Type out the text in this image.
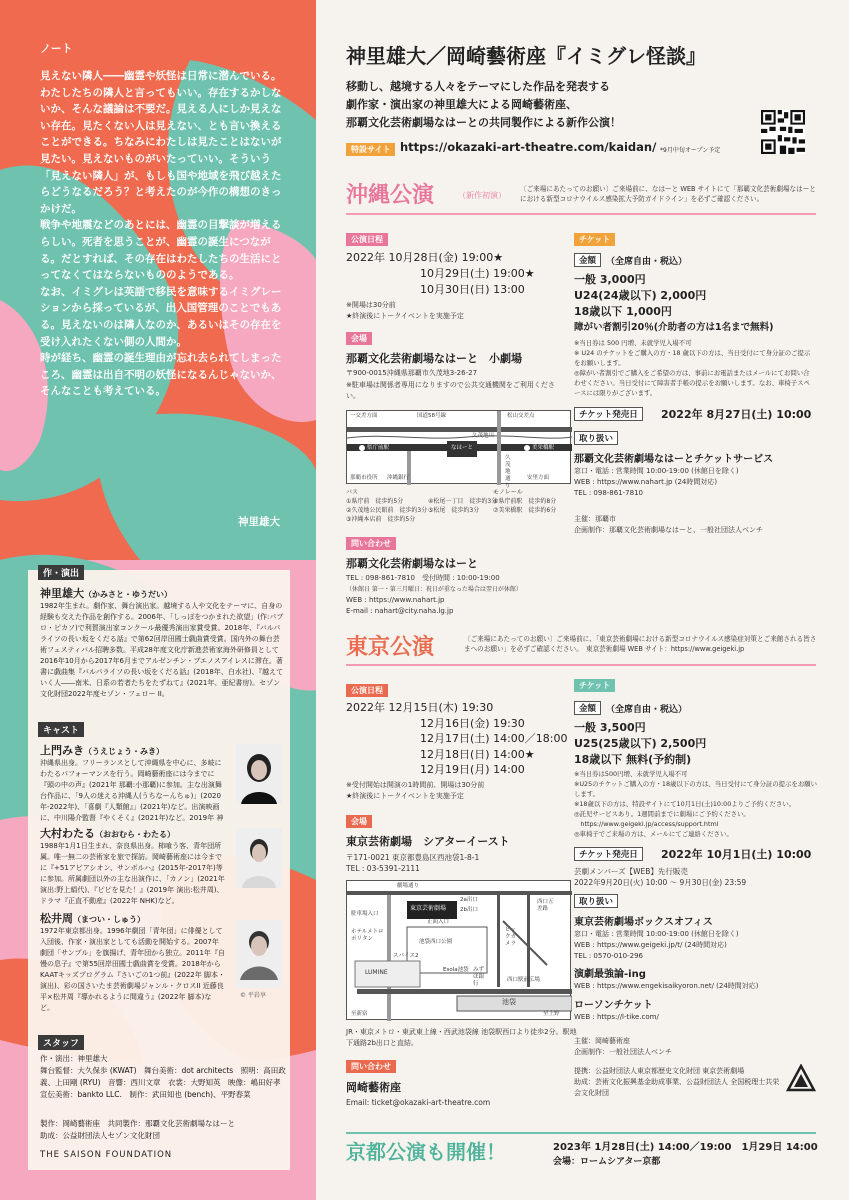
ノート

見えない隣人――幽霊や妖怪は日常に潜んでいる。わたしたちの隣人と言ってもいい。存在するかしないか、そんな議論は不要だ。見える人にしか見えない存在。見たくない人は見えない、とも言い換えることができる。ちなみにわたしは見たことはないが見たい。見えないものがいたっていい。そういう「見えない隣人」が、もしも国や地域を飛び越えたらどうなるだろう？と考えたのが今作の構想のきっかけだ。

戦争や地震などのあとには、幽霊の目撃談が増えるらしい。死者を思うことが、幽霊の誕生につながる。だとすれば、その存在はわたしたちの生活にとってなくてはならないもののようである。

なお、イミグレは英語で移民を意味するイミグレーションから採っているが、出入国管理のことでもある。見えないのは隣人なのか、あるいはその存在を受け入れたくない側の人間か。

時が経ち、幽霊の誕生理由が忘れ去られてしまったころ、幽霊は出自不明の妖怪になるんじゃないか、そんなことも考えている。

神里雄大
作・演出
神里雄大（かみさと・ゆうだい）
1982年生まれ。劇作家、舞台演出家。越境する人や文化をテーマに、自身の経験も交えた作品を創作する。2006年、「しっぽをつかまれた欲望」(作:パブロ・ピカソ)で利賀演出家コンクール最優秀演出家賞受賞。2018年、『バルパライソの長い坂をくだる話』で第62回岸田國士戯曲賞受賞。国内外の舞台芸術フェスティバル招聘多数。平成28年度文化庁新進芸術家海外研修員として2016年10月から2017年6月までアルゼンチン・ブエノスアイレスに滞在。著書に戯曲集『バルパライソの長い坂をくだる話』(2018年、白水社)、『越えていく人――南米、日系の若者たちをたずねて』(2021年、亜紀書房)。セゾン文化財団2022年度セゾン・フェロー II。
キャスト
上門みき（うえじょう・みき）
沖縄県出身。フリーランスとして沖縄県を中心に、多岐にわたるパフォーマンスを行う。岡崎藝術座には今までに『頭の中の声』(2021年 那覇:小那覇)に参加。主な出演舞台作品に、「9人の迷える沖縄人(うちなーんちゅ)」(2020年-2022年)、「喜劇『人類館』」(2021年)など。出演映画に、中川陽介監督『やくそく』(2021年)など。2019年 神
大村わたる（おおむら・わたる）
1988年1月1日生まれ、奈良県出身。柿喰う客、青年団所属。唯一無二の芸術家を旅で探訪。岡崎藝術座には今までに『+51アビアシオン、サンボルハ』(2015年-2017年)等に参加。所属劇団以外の主な出演作に、「カノン」(2021年 演出:野上絹代)、『ピピを見た！』(2019年 演出:松井周)、ドラマ『正直不動産』(2022年 NHK)など。
松井周（まつい・しゅう）
1972年東京都出身。1996年劇団「青年団」に俳優として入団後、作家・演出家としても活動を開始する。2007年劇団「サンプル」を旗揚げ、青年団から独立。2011年『自慢の息子』で第55回岸田國士戯曲賞を受賞。2018年からKAATキッズプログラム『さいごの1つ前』(2022年 脚本・演出)、彩の国さいたま芸術劇場ジャンル・クロスII 近藤良平×松井周『導かれるように間違う』(2022年 脚本)など。
© 平岩享
スタッフ
作・演出：神里雄大
舞台監督：大久保歩 (KWAT)　舞台美術：dot architects　照明：高田政義、上田剛 (RYU)　音響：西川文章　衣裳：大野知英　映像：嶋田好孝　宣伝美術：bankto LLC.　制作：武田知也 (bench)、平野春菜
製作：岡崎藝術座　共同製作：那覇文化芸術劇場なはーと
助成：公益財団法人セゾン文化財団
THE SAISON FOUNDATION
神里雄大／岡崎藝術座『イミグレ怪談』
移動し、越境する人々をテーマにした作品を発表する
劇作家・演出家の神里雄大による岡崎藝術座、
那覇文化芸術劇場なはーとの共同製作による新作公演！
特設サイト https://okazaki-art-theatre.com/kaidan/ *9月中旬オープン予定
沖縄公演	（新作初演）
〔ご来場にあたってのお願い〕ご来場前に、なはーと WEB サイトにて「那覇文化芸術劇場なはーとにおける新型コロナウイルス感染拡大予防ガイドライン」を必ずご確認ください。
公演日程
2022年 10月28日(金) 19:00★
10月29日(土) 19:00★
10月30日(日) 13:00
※開場は30分前
★終演後にトークイベントを実施予定
会場
那覇文化芸術劇場なはーと　小劇場
〒900-0015沖縄県那覇市久茂地3-26-27
※駐車場は関係者専用になりますので公共交通機関をご利用ください。
一交差方面	国道58号線	松山交差点
久茂地川
県庁前駅	美栄橋駅
なはーと
那覇市役所 沖縄銀行	安里方面
久茂地通り
バス
①県庁前　徒歩約5分
②久茂地公民館前　徒歩約3分
③沖縄本店前　徒歩約5分
④松尾一丁目　徒歩約3分
⑤松尾　徒歩約3分
モノレール
⑥県庁前駅　徒歩約8分
⑦美栄橋駅　徒歩約6分
問い合わせ
那覇文化芸術劇場なはーと
TEL : 098-861-7810　受付時間 : 10:00-19:00
（休館日 第一・第三月曜日：祝日が重なった場合は翌日が休館）
WEB : https://www.nahart.jp
E-mail : nahart@city.naha.lg.jp
チケット
金額	（全席自由・税込）
一般 3,000円
U24(24歳以下) 2,000円
18歳以下 1,000円
障がい者割引20％(介助者の方は1名まで無料)
※当日券は 500 円増、未就学児入場不可
※ U24 のチケットをご購入の方・18 歳以下の方は、当日受付にて身分証のご提示をお願いします。
◎障がい者割引でご購入をご希望の方は、事前にお電話またはメールにてお問い合わせください。当日受付にて障害者手帳の提示をお願いします。なお、車椅子スペースには限りがございます。
チケット発売日	2022年 8月27日(土) 10:00
取り扱い
那覇文化芸術劇場なはーとチケットサービス
窓口・電話 : 営業時間 10:00-19:00 (休館日を除く)
WEB : https://www.nahart.jp (24時間対応)
TEL : 098-861-7810
主催：那覇市
企画制作：那覇文化芸術劇場なはーと、一般社団法人ベンチ
東京公演	〔ご来場にあたってのお願い〕ご来場前に、「東京芸術劇場における新型コロナウイルス感染症対策とご来館される皆さまへのお願い」を必ずご確認ください。　東京芸術劇場 WEB サイト：https://www.geigeki.jp
公演日程
2022年 12月15日(木) 19:30
12月16日(金) 19:30
12月17日(土) 14:00／18:00
12月18日(日) 14:00★
12月19日(月) 14:00
※受付開始は開演の1時間前、開場は30分前
★終演後にトークイベントを実施予定
会場
東京芸術劇場　シアターイースト
〒171-0021 東京都豊島区西池袋1-8-1
TEL : 03-5391-2111
劇場通り
東京芸術劇場
2a出口
2b出口
西口五差路
正面入口
池袋西口公園
ピックカメラ
ホテルメトロポリタン
西口駅前広場
スパイス2
Esola池袋 みずほ銀行
LUMINE
池袋
至新宿	至上野
駐車場入口
JR・東京メトロ・東武東上線・西武池袋線 池袋駅西口より徒歩2分。駅地下通路2b出口と直結。
問い合わせ
岡崎藝術座
Email: ticket@okazaki-art-theatre.com
チケット
金額	（全席自由・税込）
一般 3,500円
U25(25歳以下) 2,500円
18歳以下 無料(予約制)
※当日券は500円増、未就学児入場不可
※U25のチケットご購入の方・18歳以下の方は、当日受付にて身分証の提示をお願いします。
※18歳以下の方は、特設サイトにて10月1日(土)10:00よりご予約ください。
◎託児サービスあり。1週間前までに劇場にご予約ください。
　https://www.geigeki.jp/access/support.html
◎車椅子でご来場の方は、メールにてご連絡ください。
チケット発売日	2022年 10月1日(土) 10:00
芸劇メンバーズ【WEB】先行販売
2022年9月20日(火) 10:00 〜 9月30日(金) 23:59
取り扱い
東京芸術劇場ボックスオフィス
窓口・電話 : 営業時間 10:00-19:00 (休館日を除く)
WEB : https://www.geigeki.jp/t/ (24時間対応)
TEL : 0570-010-296
演劇最強論-ing
WEB : https://www.engekisaikyoron.net/ (24時間対応)
ローソンチケット
WEB : https://l-tike.com/
主催：岡崎藝術座
企画制作：一般社団法人ベンチ
提携：公益財団法人東京都歴史文化財団 東京芸術劇場
助成：芸術文化振興基金助成事業、公益財団法人 全国税理士共栄会文化財団
京都公演も開催！	2023年 1月28日(土) 14:00／19:00　1月29日 14:00
会場：ロームシアター京都
